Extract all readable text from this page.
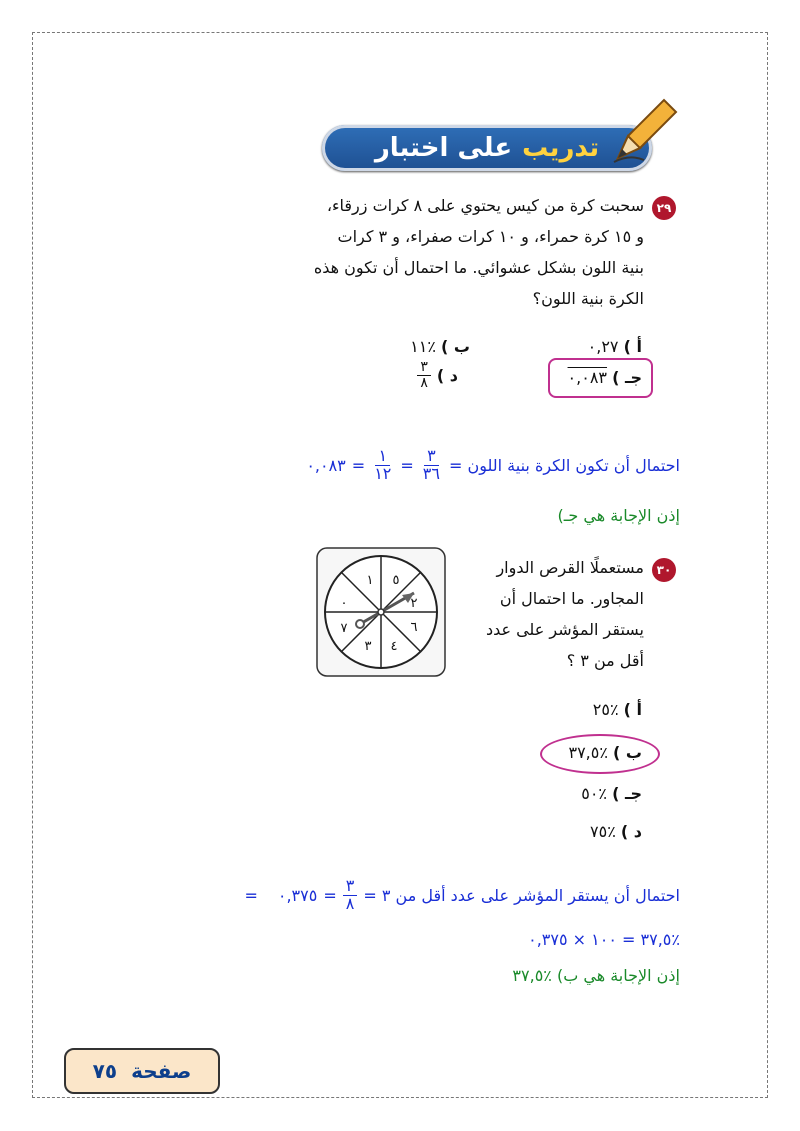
تدريب
على اختبار
٢٩
سحبت كرة من كيس يحتوي على ٨ كرات زرقاء،
و ١٥ كرة حمراء، و ١٠ كرات صفراء، و ٣ كرات
بنية اللون بشكل عشوائي. ما احتمال أن تكون هذه
الكرة بنية اللون؟
أ ) ٠,٢٧
ب ) ٪١١
جـ ) ٠,٠٨٣
د )
$\frac{٣}{٨}$
احتمال أن تكون الكرة بنية اللون =
$\frac{٣}{٣٦}$
=
$\frac{١}{١٢}$
=
٠,٠٨٣
إذن الإجابة هي جـ)
٣٠
مستعملًا القرص الدوار
المجاور. ما احتمال أن
يستقر المؤشر على عدد
أقل من ٣ ؟
١ ٥
٢
٦
٤
٣
٧
٠
أ ) ٪٢٥
ب ) ٪٣٧,٥
جـ ) ٪٥٠
د ) ٪٧٥
احتمال أن يستقر المؤشر على عدد أقل من ٣ =
$\frac{٣}{٨}$
=
٠,٣٧٥
=
٪٣٧,٥ = ١٠٠ × ٠,٣٧٥
إذن الإجابة هي ب) ٪٣٧,٥
صفحة
٧٥
